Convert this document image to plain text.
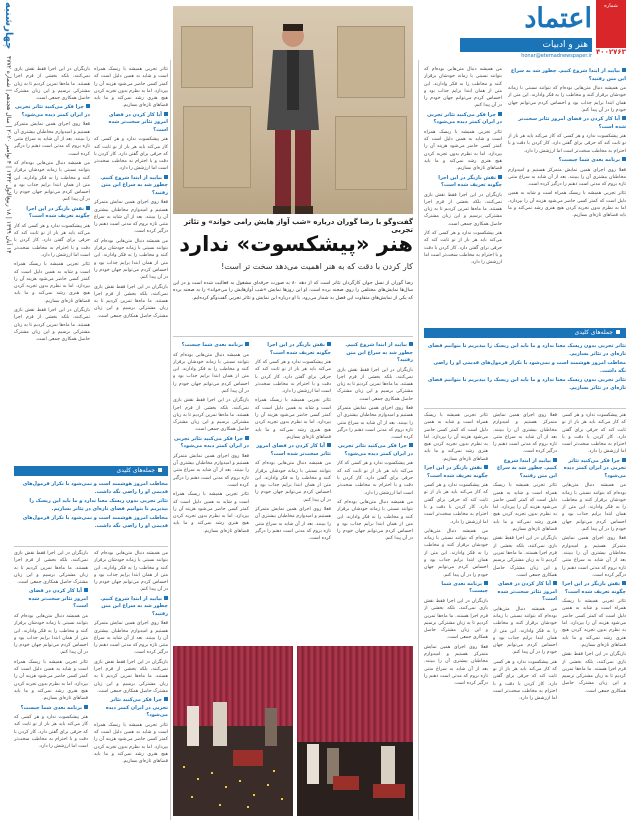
اعتماد
هنر و ادبیات
honar@etemadnewspaper.ir
شماره
۴۰۰۲۷۶۳
چهارشنبه
۱۴ آبان ۱۳۹۹ | ۱۸ ربیع‌الاول ۱۴۴۲ | ۴ نوامبر ۲۰۲۰ | سال هجدهم | شماره ۴۷۷۲

من همیشه دنبال متن‌هایی بوده‌ام که بتوانند نسبتی با زمانه خودشان برقرار کنند و مخاطب را به فکر وادارند. این متن از همان ابتدا برایم جذاب بود و احساس کردم می‌توانم جهان خودم را در آن پیدا کنم.

چرا فکر می‌کنید تئاتر تجربی در ایران کمتر دیده می‌شود؟

تئاتر تجربی همیشه با ریسک همراه است و شاید به همین دلیل است که کمتر کسی حاضر می‌شود هزینه آن را بپردازد. اما به نظرم بدون تجربه کردن هیچ هنری رشد نمی‌کند و ما باید فضاهای تازه‌ای بسازیم.

نقش بازیگر در این اجرا چگونه تعریف شده است؟

بازیگران در این اجرا فقط نقش بازی نمی‌کنند، بلکه بخشی از فرم اجرا هستند. ما ماه‌ها تمرین کردیم تا به زبان مشترکی برسیم و این زبان مشترک حاصل همکاری جمعی است.

هنر پیشکسوت ندارد و هر کسی که کار می‌کند باید هر بار از نو ثابت کند که حرفی برای گفتن دارد. کار کردن با دقت و با احترام به مخاطب سخت‌تر است اما ارزشش را دارد.

بیایید از ابتدا شروع کنیم. چطور شد به سراغ این متن رفتید؟

من همیشه دنبال متن‌هایی بوده‌ام که بتوانند نسبتی با زمانه خودشان برقرار کنند و مخاطب را به فکر وادارند. این متن از همان ابتدا برایم جذاب بود و احساس کردم می‌توانم جهان خودم را در آن پیدا کنم.

آیا کار کردن در فضای امروز تئاتر سخت‌تر شده است؟

هنر پیشکسوت ندارد و هر کسی که کار می‌کند باید هر بار از نو ثابت کند که حرفی برای گفتن دارد. کار کردن با دقت و با احترام به مخاطب سخت‌تر است اما ارزشش را دارد.

برنامه بعدی شما چیست؟

فعلا روی اجرای همین نمایش متمرکز هستیم و امیدوارم مخاطبان بیشتری آن را ببینند. بعد از آن شاید به سراغ متنی تازه بروم که مدتی است ذهنم را درگیر کرده است.

تئاتر تجربی همیشه با ریسک همراه است و شاید به همین دلیل است که کمتر کسی حاضر می‌شود هزینه آن را بپردازد. اما به نظرم بدون تجربه کردن هیچ هنری رشد نمی‌کند و ما باید فضاهای تازه‌ای بسازیم.

بازیگران در این اجرا فقط نقش بازی نمی‌کنند، بلکه بخشی از فرم اجرا هستند. ما ماه‌ها تمرین کردیم تا به زبان مشترکی برسیم و این زبان مشترک حاصل همکاری جمعی است.

چرا فکر می‌کنید تئاتر تجربی در ایران کمتر دیده می‌شود؟

فعلا روی اجرای همین نمایش متمرکز هستیم و امیدوارم مخاطبان بیشتری آن را ببینند. بعد از آن شاید به سراغ متنی تازه بروم که مدتی است ذهنم را درگیر کرده است.

من همیشه دنبال متن‌هایی بوده‌ام که بتوانند نسبتی با زمانه خودشان برقرار کنند و مخاطب را به فکر وادارند. این متن از همان ابتدا برایم جذاب بود و احساس کردم می‌توانم جهان خودم را در آن پیدا کنم.

نقش بازیگر در این اجرا چگونه تعریف شده است؟

هنر پیشکسوت ندارد و هر کسی که کار می‌کند باید هر بار از نو ثابت کند که حرفی برای گفتن دارد. کار کردن با دقت و با احترام به مخاطب سخت‌تر است اما ارزشش را دارد.

تئاتر تجربی همیشه با ریسک همراه است و شاید به همین دلیل است که کمتر کسی حاضر می‌شود هزینه آن را بپردازد. اما به نظرم بدون تجربه کردن هیچ هنری رشد نمی‌کند و ما باید فضاهای تازه‌ای بسازیم.

بازیگران در این اجرا فقط نقش بازی نمی‌کنند، بلکه بخشی از فرم اجرا هستند. ما ماه‌ها تمرین کردیم تا به زبان مشترکی برسیم و این زبان مشترک حاصل همکاری جمعی است.

تئاتر تجربی همیشه با ریسک همراه است و شاید به همین دلیل است که کمتر کسی حاضر می‌شود هزینه آن را بپردازد. اما به نظرم بدون تجربه کردن هیچ هنری رشد نمی‌کند و ما باید فضاهای تازه‌ای بسازیم.

آیا کار کردن در فضای امروز تئاتر سخت‌تر شده است؟

هنر پیشکسوت ندارد و هر کسی که کار می‌کند باید هر بار از نو ثابت کند که حرفی برای گفتن دارد. کار کردن با دقت و با احترام به مخاطب سخت‌تر است اما ارزشش را دارد.

بیایید از ابتدا شروع کنیم. چطور شد به سراغ این متن رفتید؟

فعلا روی اجرای همین نمایش متمرکز هستیم و امیدوارم مخاطبان بیشتری آن را ببینند. بعد از آن شاید به سراغ متنی تازه بروم که مدتی است ذهنم را درگیر کرده است.

من همیشه دنبال متن‌هایی بوده‌ام که بتوانند نسبتی با زمانه خودشان برقرار کنند و مخاطب را به فکر وادارند. این متن از همان ابتدا برایم جذاب بود و احساس کردم می‌توانم جهان خودم را در آن پیدا کنم.

بازیگران در این اجرا فقط نقش بازی نمی‌کنند، بلکه بخشی از فرم اجرا هستند. ما ماه‌ها تمرین کردیم تا به زبان مشترکی برسیم و این زبان مشترک حاصل همکاری جمعی است.

گفت‌وگو با رضا گوران درباره «شب آواز هایش رامی خواند» و تئاتر تجربی
هنر «پیشکسوت» ندارد
کار کردن با دقت که به هنر اهمیت می‌دهد سخت تر است!
رضا گوران از نسل جوان کارگردان تئاتر است که از دهه ۸۰ به صورت حرفه‌ای مشغول به فعالیت شده است و در این سال‌ها نمایش‌های مختلفی را روی صحنه برده است. او این روزها نمایش «شب آوازهایش را می‌خواند» را به صحنه برده که یکی از نمایش‌های متفاوت این فصل به شمار می‌رود. با او درباره این نمایش و تئاتر تجربی گفت‌وگو کرده‌ایم.

برنامه بعدی شما چیست؟

من همیشه دنبال متن‌هایی بوده‌ام که بتوانند نسبتی با زمانه خودشان برقرار کنند و مخاطب را به فکر وادارند. این متن از همان ابتدا برایم جذاب بود و احساس کردم می‌توانم جهان خودم را در آن پیدا کنم.

بازیگران در این اجرا فقط نقش بازی نمی‌کنند، بلکه بخشی از فرم اجرا هستند. ما ماه‌ها تمرین کردیم تا به زبان مشترکی برسیم و این زبان مشترک حاصل همکاری جمعی است.

چرا فکر می‌کنید تئاتر تجربی در ایران کمتر دیده می‌شود؟

فعلا روی اجرای همین نمایش متمرکز هستیم و امیدوارم مخاطبان بیشتری آن را ببینند. بعد از آن شاید به سراغ متنی تازه بروم که مدتی است ذهنم را درگیر کرده است.

تئاتر تجربی همیشه با ریسک همراه است و شاید به همین دلیل است که کمتر کسی حاضر می‌شود هزینه آن را بپردازد. اما به نظرم بدون تجربه کردن هیچ هنری رشد نمی‌کند و ما باید فضاهای تازه‌ای بسازیم.

نقش بازیگر در این اجرا چگونه تعریف شده است؟

هنر پیشکسوت ندارد و هر کسی که کار می‌کند باید هر بار از نو ثابت کند که حرفی برای گفتن دارد. کار کردن با دقت و با احترام به مخاطب سخت‌تر است اما ارزشش را دارد.

تئاتر تجربی همیشه با ریسک همراه است و شاید به همین دلیل است که کمتر کسی حاضر می‌شود هزینه آن را بپردازد. اما به نظرم بدون تجربه کردن هیچ هنری رشد نمی‌کند و ما باید فضاهای تازه‌ای بسازیم.

آیا کار کردن در فضای امروز تئاتر سخت‌تر شده است؟

من همیشه دنبال متن‌هایی بوده‌ام که بتوانند نسبتی با زمانه خودشان برقرار کنند و مخاطب را به فکر وادارند. این متن از همان ابتدا برایم جذاب بود و احساس کردم می‌توانم جهان خودم را در آن پیدا کنم.

فعلا روی اجرای همین نمایش متمرکز هستیم و امیدوارم مخاطبان بیشتری آن را ببینند. بعد از آن شاید به سراغ متنی تازه بروم که مدتی است ذهنم را درگیر کرده است.

بیایید از ابتدا شروع کنیم. چطور شد به سراغ این متن رفتید؟

بازیگران در این اجرا فقط نقش بازی نمی‌کنند، بلکه بخشی از فرم اجرا هستند. ما ماه‌ها تمرین کردیم تا به زبان مشترکی برسیم و این زبان مشترک حاصل همکاری جمعی است.

فعلا روی اجرای همین نمایش متمرکز هستیم و امیدوارم مخاطبان بیشتری آن را ببینند. بعد از آن شاید به سراغ متنی تازه بروم که مدتی است ذهنم را درگیر کرده است.

چرا فکر می‌کنید تئاتر تجربی در ایران کمتر دیده می‌شود؟

هنر پیشکسوت ندارد و هر کسی که کار می‌کند باید هر بار از نو ثابت کند که حرفی برای گفتن دارد. کار کردن با دقت و با احترام به مخاطب سخت‌تر است اما ارزشش را دارد.

من همیشه دنبال متن‌هایی بوده‌ام که بتوانند نسبتی با زمانه خودشان برقرار کنند و مخاطب را به فکر وادارند. این متن از همان ابتدا برایم جذاب بود و احساس کردم می‌توانم جهان خودم را در آن پیدا کنم.

جمله‌های کلیدی

تئاتر تجربی بدون ریسک معنا ندارد و ما باید این ریسک را بپذیریم تا بتوانیم فضای تازه‌ای در تئاتر بسازیم.

مخاطب امروز هوشمند است و نمی‌شود با تکرار فرمول‌های قدیمی او را راضی نگه داشت.

تئاتر تجربی بدون ریسک معنا ندارد و ما باید این ریسک را بپذیریم تا بتوانیم فضای تازه‌ای در تئاتر بسازیم.

تئاتر تجربی همیشه با ریسک همراه است و شاید به همین دلیل است که کمتر کسی حاضر می‌شود هزینه آن را بپردازد. اما به نظرم بدون تجربه کردن هیچ هنری رشد نمی‌کند و ما باید فضاهای تازه‌ای بسازیم.

نقش بازیگر در این اجرا چگونه تعریف شده است؟

هنر پیشکسوت ندارد و هر کسی که کار می‌کند باید هر بار از نو ثابت کند که حرفی برای گفتن دارد. کار کردن با دقت و با احترام به مخاطب سخت‌تر است اما ارزشش را دارد.

من همیشه دنبال متن‌هایی بوده‌ام که بتوانند نسبتی با زمانه خودشان برقرار کنند و مخاطب را به فکر وادارند. این متن از همان ابتدا برایم جذاب بود و احساس کردم می‌توانم جهان خودم را در آن پیدا کنم.

برنامه بعدی شما چیست؟

بازیگران در این اجرا فقط نقش بازی نمی‌کنند، بلکه بخشی از فرم اجرا هستند. ما ماه‌ها تمرین کردیم تا به زبان مشترکی برسیم و این زبان مشترک حاصل همکاری جمعی است.

فعلا روی اجرای همین نمایش متمرکز هستیم و امیدوارم مخاطبان بیشتری آن را ببینند. بعد از آن شاید به سراغ متنی تازه بروم که مدتی است ذهنم را درگیر کرده است.

فعلا روی اجرای همین نمایش متمرکز هستیم و امیدوارم مخاطبان بیشتری آن را ببینند. بعد از آن شاید به سراغ متنی تازه بروم که مدتی است ذهنم را درگیر کرده است.

بیایید از ابتدا شروع کنیم. چطور شد به سراغ این متن رفتید؟

تئاتر تجربی همیشه با ریسک همراه است و شاید به همین دلیل است که کمتر کسی حاضر می‌شود هزینه آن را بپردازد. اما به نظرم بدون تجربه کردن هیچ هنری رشد نمی‌کند و ما باید فضاهای تازه‌ای بسازیم.

بازیگران در این اجرا فقط نقش بازی نمی‌کنند، بلکه بخشی از فرم اجرا هستند. ما ماه‌ها تمرین کردیم تا به زبان مشترکی برسیم و این زبان مشترک حاصل همکاری جمعی است.

آیا کار کردن در فضای امروز تئاتر سخت‌تر شده است؟

من همیشه دنبال متن‌هایی بوده‌ام که بتوانند نسبتی با زمانه خودشان برقرار کنند و مخاطب را به فکر وادارند. این متن از همان ابتدا برایم جذاب بود و احساس کردم می‌توانم جهان خودم را در آن پیدا کنم.

هنر پیشکسوت ندارد و هر کسی که کار می‌کند باید هر بار از نو ثابت کند که حرفی برای گفتن دارد. کار کردن با دقت و با احترام به مخاطب سخت‌تر است اما ارزشش را دارد.

هنر پیشکسوت ندارد و هر کسی که کار می‌کند باید هر بار از نو ثابت کند که حرفی برای گفتن دارد. کار کردن با دقت و با احترام به مخاطب سخت‌تر است اما ارزشش را دارد.

چرا فکر می‌کنید تئاتر تجربی در ایران کمتر دیده می‌شود؟

من همیشه دنبال متن‌هایی بوده‌ام که بتوانند نسبتی با زمانه خودشان برقرار کنند و مخاطب را به فکر وادارند. این متن از همان ابتدا برایم جذاب بود و احساس کردم می‌توانم جهان خودم را در آن پیدا کنم.

فعلا روی اجرای همین نمایش متمرکز هستیم و امیدوارم مخاطبان بیشتری آن را ببینند. بعد از آن شاید به سراغ متنی تازه بروم که مدتی است ذهنم را درگیر کرده است.

نقش بازیگر در این اجرا چگونه تعریف شده است؟

تئاتر تجربی همیشه با ریسک همراه است و شاید به همین دلیل است که کمتر کسی حاضر می‌شود هزینه آن را بپردازد. اما به نظرم بدون تجربه کردن هیچ هنری رشد نمی‌کند و ما باید فضاهای تازه‌ای بسازیم.

بازیگران در این اجرا فقط نقش بازی نمی‌کنند، بلکه بخشی از فرم اجرا هستند. ما ماه‌ها تمرین کردیم تا به زبان مشترکی برسیم و این زبان مشترک حاصل همکاری جمعی است.

جمله‌های کلیدی

مخاطب امروز هوشمند است و نمی‌شود با تکرار فرمول‌های قدیمی او را راضی نگه داشت.

تئاتر تجربی بدون ریسک معنا ندارد و ما باید این ریسک را بپذیریم تا بتوانیم فضای تازه‌ای در تئاتر بسازیم.

مخاطب امروز هوشمند است و نمی‌شود با تکرار فرمول‌های قدیمی او را راضی نگه داشت.

بازیگران در این اجرا فقط نقش بازی نمی‌کنند، بلکه بخشی از فرم اجرا هستند. ما ماه‌ها تمرین کردیم تا به زبان مشترکی برسیم و این زبان مشترک حاصل همکاری جمعی است.

آیا کار کردن در فضای امروز تئاتر سخت‌تر شده است؟

من همیشه دنبال متن‌هایی بوده‌ام که بتوانند نسبتی با زمانه خودشان برقرار کنند و مخاطب را به فکر وادارند. این متن از همان ابتدا برایم جذاب بود و احساس کردم می‌توانم جهان خودم را در آن پیدا کنم.

تئاتر تجربی همیشه با ریسک همراه است و شاید به همین دلیل است که کمتر کسی حاضر می‌شود هزینه آن را بپردازد. اما به نظرم بدون تجربه کردن هیچ هنری رشد نمی‌کند و ما باید فضاهای تازه‌ای بسازیم.

برنامه بعدی شما چیست؟

هنر پیشکسوت ندارد و هر کسی که کار می‌کند باید هر بار از نو ثابت کند که حرفی برای گفتن دارد. کار کردن با دقت و با احترام به مخاطب سخت‌تر است اما ارزشش را دارد.

من همیشه دنبال متن‌هایی بوده‌ام که بتوانند نسبتی با زمانه خودشان برقرار کنند و مخاطب را به فکر وادارند. این متن از همان ابتدا برایم جذاب بود و احساس کردم می‌توانم جهان خودم را در آن پیدا کنم.

بیایید از ابتدا شروع کنیم. چطور شد به سراغ این متن رفتید؟

فعلا روی اجرای همین نمایش متمرکز هستیم و امیدوارم مخاطبان بیشتری آن را ببینند. بعد از آن شاید به سراغ متنی تازه بروم که مدتی است ذهنم را درگیر کرده است.

بازیگران در این اجرا فقط نقش بازی نمی‌کنند، بلکه بخشی از فرم اجرا هستند. ما ماه‌ها تمرین کردیم تا به زبان مشترکی برسیم و این زبان مشترک حاصل همکاری جمعی است.

چرا فکر می‌کنید تئاتر تجربی در ایران کمتر دیده می‌شود؟

تئاتر تجربی همیشه با ریسک همراه است و شاید به همین دلیل است که کمتر کسی حاضر می‌شود هزینه آن را بپردازد. اما به نظرم بدون تجربه کردن هیچ هنری رشد نمی‌کند و ما باید فضاهای تازه‌ای بسازیم.
